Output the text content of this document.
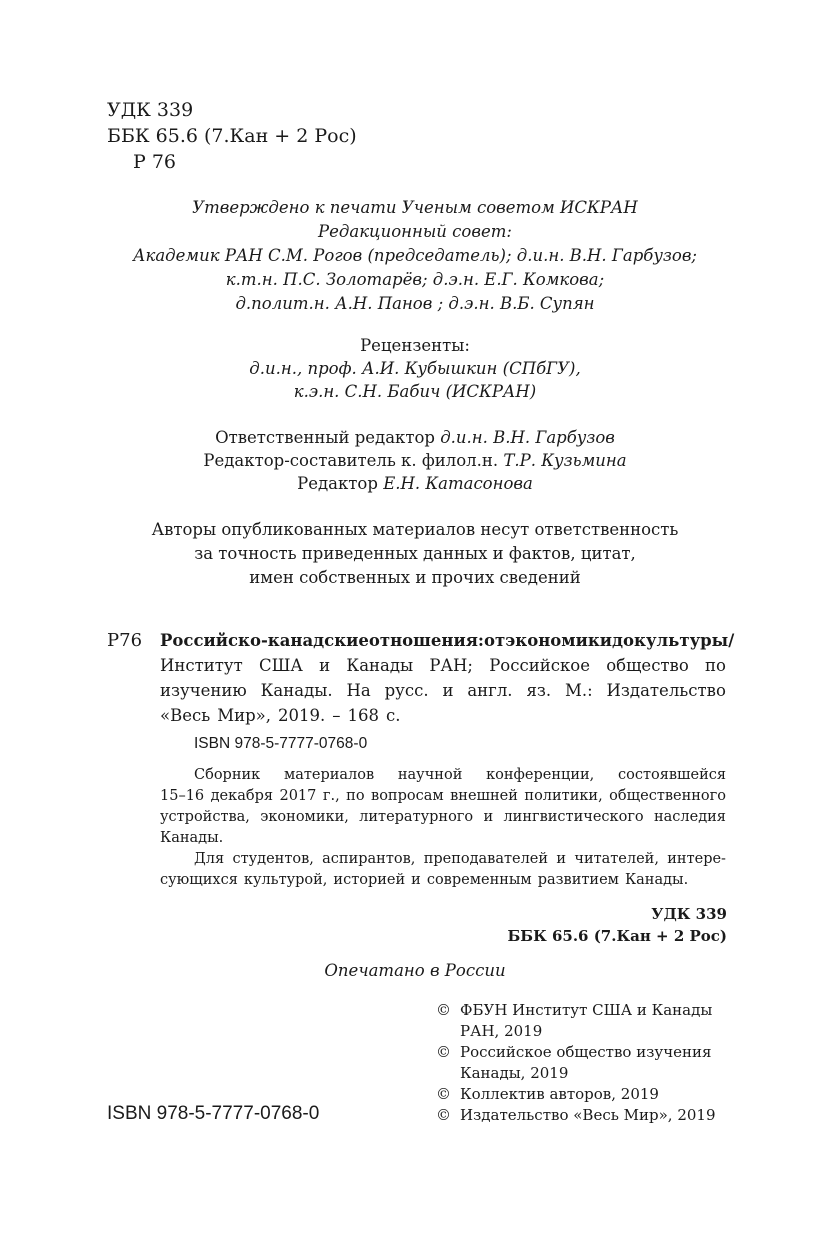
УДК 339
ББК 65.6 (7.Кан + 2 Рос)
Р 76
Утверждено к печати Ученым советом ИСКРАН
Редакционный совет:
Академик РАН С.М. Рогов (председатель); д.и.н. В.Н. Гарбузов;
к.т.н. П.С. Золотарёв; д.э.н. Е.Г. Комкова;
д.полит.н. А.Н. Панов ; д.э.н. В.Б. Супян
Рецензенты:
д.и.н., проф. А.И. Кубышкин (СПбГУ),
к.э.н. С.Н. Бабич (ИСКРАН)
Ответственный редактор д.и.н. В.Н. Гарбузов
Редактор-составитель к. филол.н. Т.Р. Кузьмина
Редактор Е.Н. Катасонова
Авторы опубликованных материалов несут ответственность
за точность приведенных данных и фактов, цитат,
имен собственных и прочих сведений
Р76 Российско-канадские отношения: от экономики до культуры /
Институт США и Канады РАН; Российское общество по
изучению Канады. На русс. и англ. яз. М.: Издательство
«Весь Мир», 2019. – 168 с.
ISBN 978-5-7777-0768-0
Сборник материалов научной конференции, состоявшейся
15–16 декабря 2017 г., по вопросам внешней политики, общественного
устройства, экономики, литературного и лингвистического наследия
Канады.
Для студентов, аспирантов, преподавателей и читателей, интере-
сующихся культурой, историей и современным развитием Канады.
УДК 339
ББК 65.6 (7.Кан + 2 Рос)
Опечатано в России
© ФБУН Институт США и Канады
РАН, 2019
© Российское общество изучения
Канады, 2019
© Коллектив авторов, 2019
© Издательство «Весь Мир», 2019
ISBN 978-5-7777-0768-0
